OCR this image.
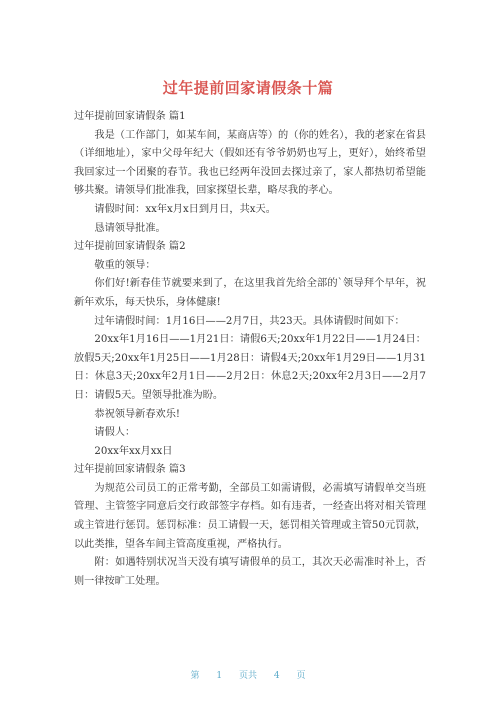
过年提前回家请假条十篇

过年提前回家请假条 篇1

我是（工作部门，如某车间，某商店等）的（你的姓名），我的老家在省县（详细地址），家中父母年纪大（假如还有爷爷奶奶也写上，更好），始终希望我回家过一个团聚的春节。我也已经两年没回去探过亲了，家人都热切希望能够共聚。请领导们批准我，回家探望长辈，略尽我的孝心。

请假时间：xx年x月x日到月日，共x天。

恳请领导批准。

过年提前回家请假条 篇2

敬重的领导：

你们好!新春佳节就要来到了，在这里我首先给全部的`领导拜个早年，祝新年欢乐，每天快乐，身体健康!

过年请假时间：1月16日——2月7日，共23天。具体请假时间如下：

20xx年1月16日——1月21日：请假6天;20xx年1月22日——1月24日：放假5天;20xx年1月25日——1月28日：请假4天;20xx年1月29日——1月31日：休息3天;20xx年2月1日——2月2日：休息2天;20xx年2月3日——2月7日：请假5天。望领导批准为盼。

恭祝领导新春欢乐!

请假人：

20xx年xx月xx日

过年提前回家请假条 篇3

为规范公司员工的正常考勤，全部员工如需请假，必需填写请假单交当班管理、主管签字同意后交行政部签字存档。如有违者，一经查出将对相关管理或主管进行惩罚。惩罚标准：员工请假一天，惩罚相关管理或主管50元罚款，以此类推，望各车间主管高度重视，严格执行。

附：如遇特别状况当天没有填写请假单的员工，其次天必需准时补上，否则一律按旷工处理。

第 1 页共 4 页
